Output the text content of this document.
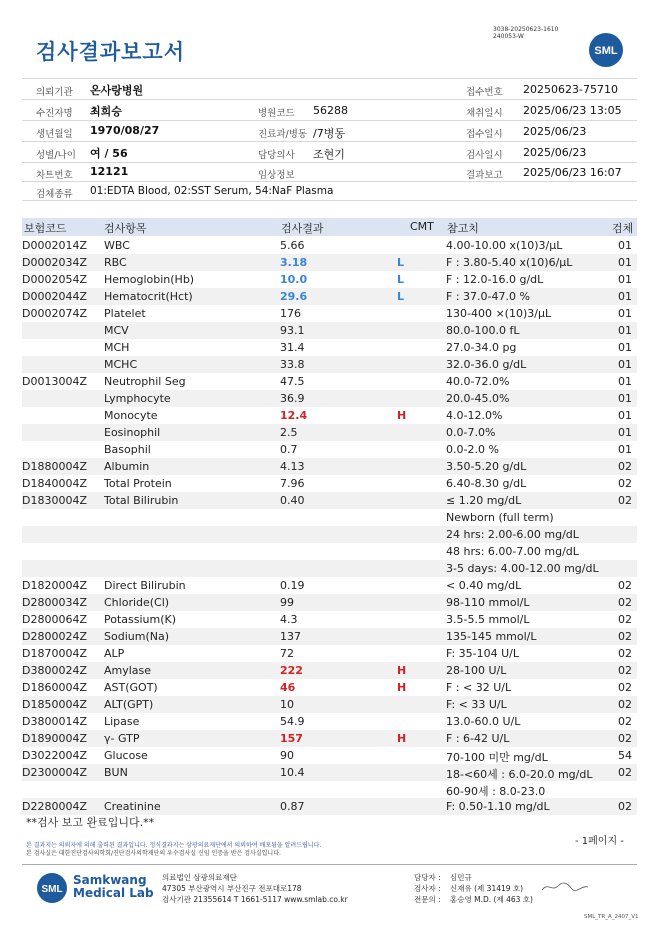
검사결과보고서
3038-20250623-1610
240053-W
SML
의뢰기관 온사랑병원	접수번호 20250623-75710
수진자명 최희승	병원코드 56288	채취일시 2025/06/23 13:05
생년월일 1970/08/27	진료과/병동 /7병동	접수일시 2025/06/23
성별/나이 여 / 56	담당의사 조현기	검사일시 2025/06/23
차트번호 12121	임상정보	결과보고 2025/06/23 16:07
검체종류 01:EDTA Blood, 02:SST Serum, 54:NaF Plasma
보험코드	검사항목	검사결과	CMT 참고치	검체
D0002014Z WBC	5.66	4.00-10.00 x(10)3/μL	01
D0002034Z RBC	3.18	L	F : 3.80-5.40 x(10)6/μL	01
D0002054Z Hemoglobin(Hb)	10.0	L	F : 12.0-16.0 g/dL	01
D0002044Z Hematocrit(Hct)	29.6	L	F : 37.0-47.0 %	01
D0002074Z Platelet	176	130-400 ×(10)3/μL	01
MCV	93.1	80.0-100.0 fL	01
MCH	31.4	27.0-34.0 pg	01
MCHC	33.8	32.0-36.0 g/dL	01
D0013004Z Neutrophil Seg	47.5	40.0-72.0%	01
Lymphocyte	36.9	20.0-45.0%	01
Monocyte	12.4	H	4.0-12.0%	01
Eosinophil	2.5	0.0-7.0%	01
Basophil	0.7	0.0-2.0 %	01
D1880004Z Albumin	4.13	3.50-5.20 g/dL	02
D1840004Z Total Protein	7.96	6.40-8.30 g/dL	02
D1830004Z Total Bilirubin	0.40	≤ 1.20 mg/dL	02
Newborn (full term)
24 hrs: 2.00-6.00 mg/dL
48 hrs: 6.00-7.00 mg/dL
3-5 days: 4.00-12.00 mg/dL
D1820004Z Direct Bilirubin	0.19	< 0.40 mg/dL	02
D2800034Z Chloride(Cl)	99	98-110 mmol/L	02
D2800064Z Potassium(K)	4.3	3.5-5.5 mmol/L	02
D2800024Z Sodium(Na)	137	135-145 mmol/L	02
D1870004Z ALP	72	F: 35-104 U/L	02
D3800024Z Amylase	222	H	28-100 U/L	02
D1860004Z AST(GOT)	46	H	F : < 32 U/L	02
D1850004Z ALT(GPT)	10	F: < 33 U/L	02
D3800014Z Lipase	54.9	13.0-60.0 U/L	02
D1890004Z γ- GTP	157	H	F : 6-42 U/L	02
D3022004Z Glucose	90	70-100 미만 mg/dL	54
D2300004Z BUN	10.4	18-<60세 : 6.0-20.0 mg/dL 02
60-90세 : 8.0-23.0
D2280004Z Creatinine	0.87	F: 0.50-1.10 mg/dL	02
**검사 보고 완료입니다.**
- 1페이지 -
본 결과지는 의뢰자에 의해 출력된 결과입니다. 정식결과지는 삼광의료재단에서 의뢰하여 배포됨을 알려드립니다.
본 검사실은 대한진단검사의학회/진단검사의학재단의 우수검사실 신임 인증을 받은 검사실입니다.
SML
Samkwang
Medical Lab
의료법인 삼광의료재단
47305 부산광역시 부산진구 전포대로178
검사기관 21355614 T 1661-5117 www.smlab.co.kr
담당자 :
검사자 :
전문의 :
심민규
신재유 (제 31419 호)
홍승영 M.D. (제 463 호)
SML_TR_A_2407_V1
